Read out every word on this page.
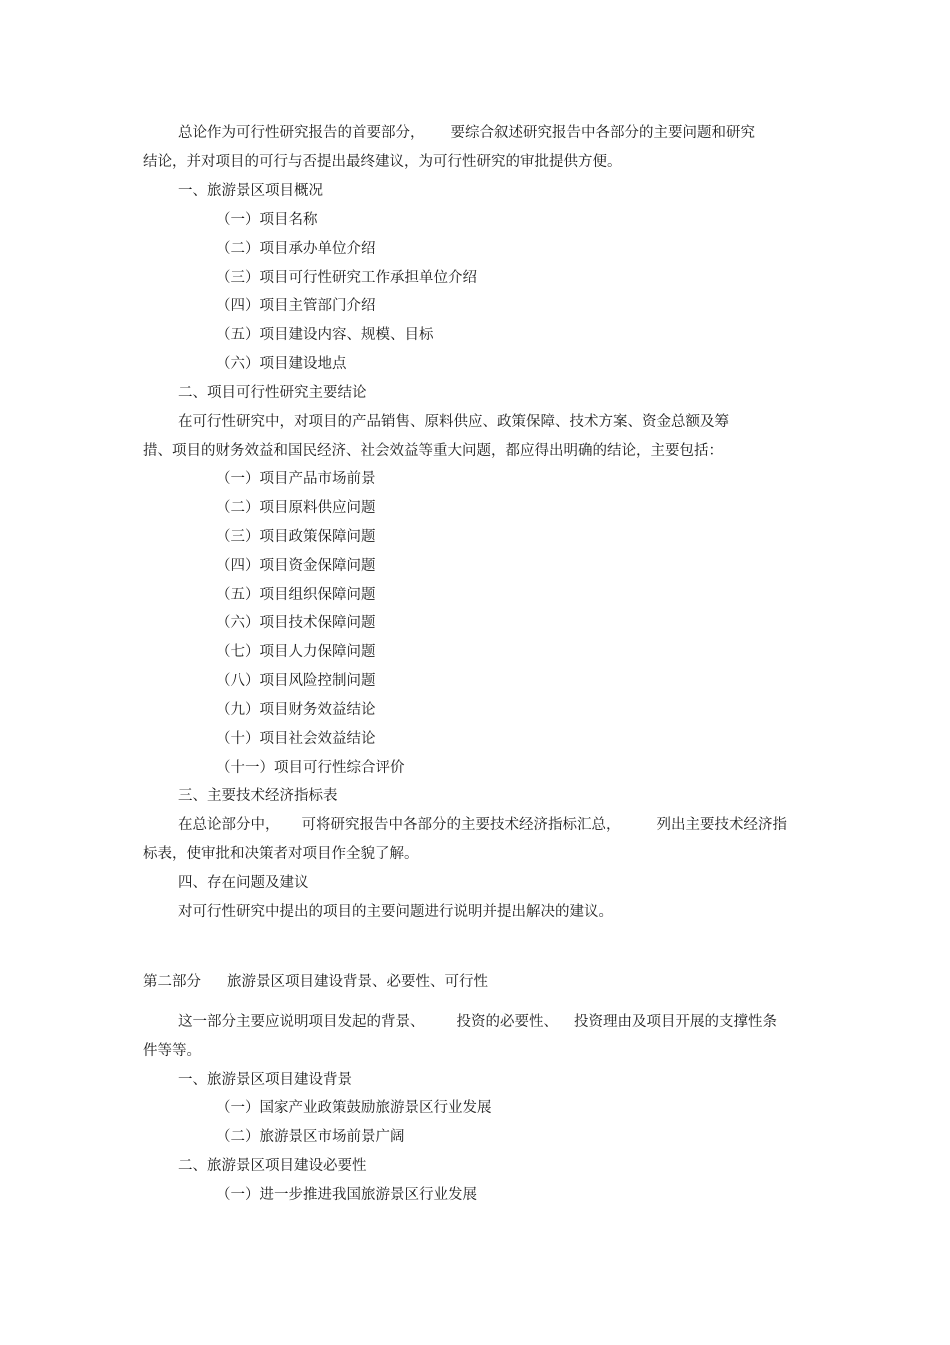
总论作为可行性研究报告的首要部分， 要综合叙述研究报告中各部分的主要问题和研究
结论，并对项目的可行与否提出最终建议，为可行性研究的审批提供方便。
一、旅游景区项目概况
（一）项目名称
（二）项目承办单位介绍
（三）项目可行性研究工作承担单位介绍
（四）项目主管部门介绍
（五）项目建设内容、规模、目标
（六）项目建设地点
二、项目可行性研究主要结论
在可行性研究中，对项目的产品销售、原料供应、政策保障、技术方案、资金总额及筹
措、项目的财务效益和国民经济、社会效益等重大问题，都应得出明确的结论，主要包括：
（一）项目产品市场前景
（二）项目原料供应问题
（三）项目政策保障问题
（四）项目资金保障问题
（五）项目组织保障问题
（六）项目技术保障问题
（七）项目人力保障问题
（八）项目风险控制问题
（九）项目财务效益结论
（十）项目社会效益结论
（十一）项目可行性综合评价
三、主要技术经济指标表
在总论部分中， 可将研究报告中各部分的主要技术经济指标汇总， 列出主要技术经济指
标表，使审批和决策者对项目作全貌了解。
四、存在问题及建议
对可行性研究中提出的项目的主要问题进行说明并提出解决的建议。
第二部分 旅游景区项目建设背景、必要性、可行性
这一部分主要应说明项目发起的背景、 投资的必要性、 投资理由及项目开展的支撑性条
件等等。
一、旅游景区项目建设背景
（一）国家产业政策鼓励旅游景区行业发展
（二）旅游景区市场前景广阔
二、旅游景区项目建设必要性
（一）进一步推进我国旅游景区行业发展
